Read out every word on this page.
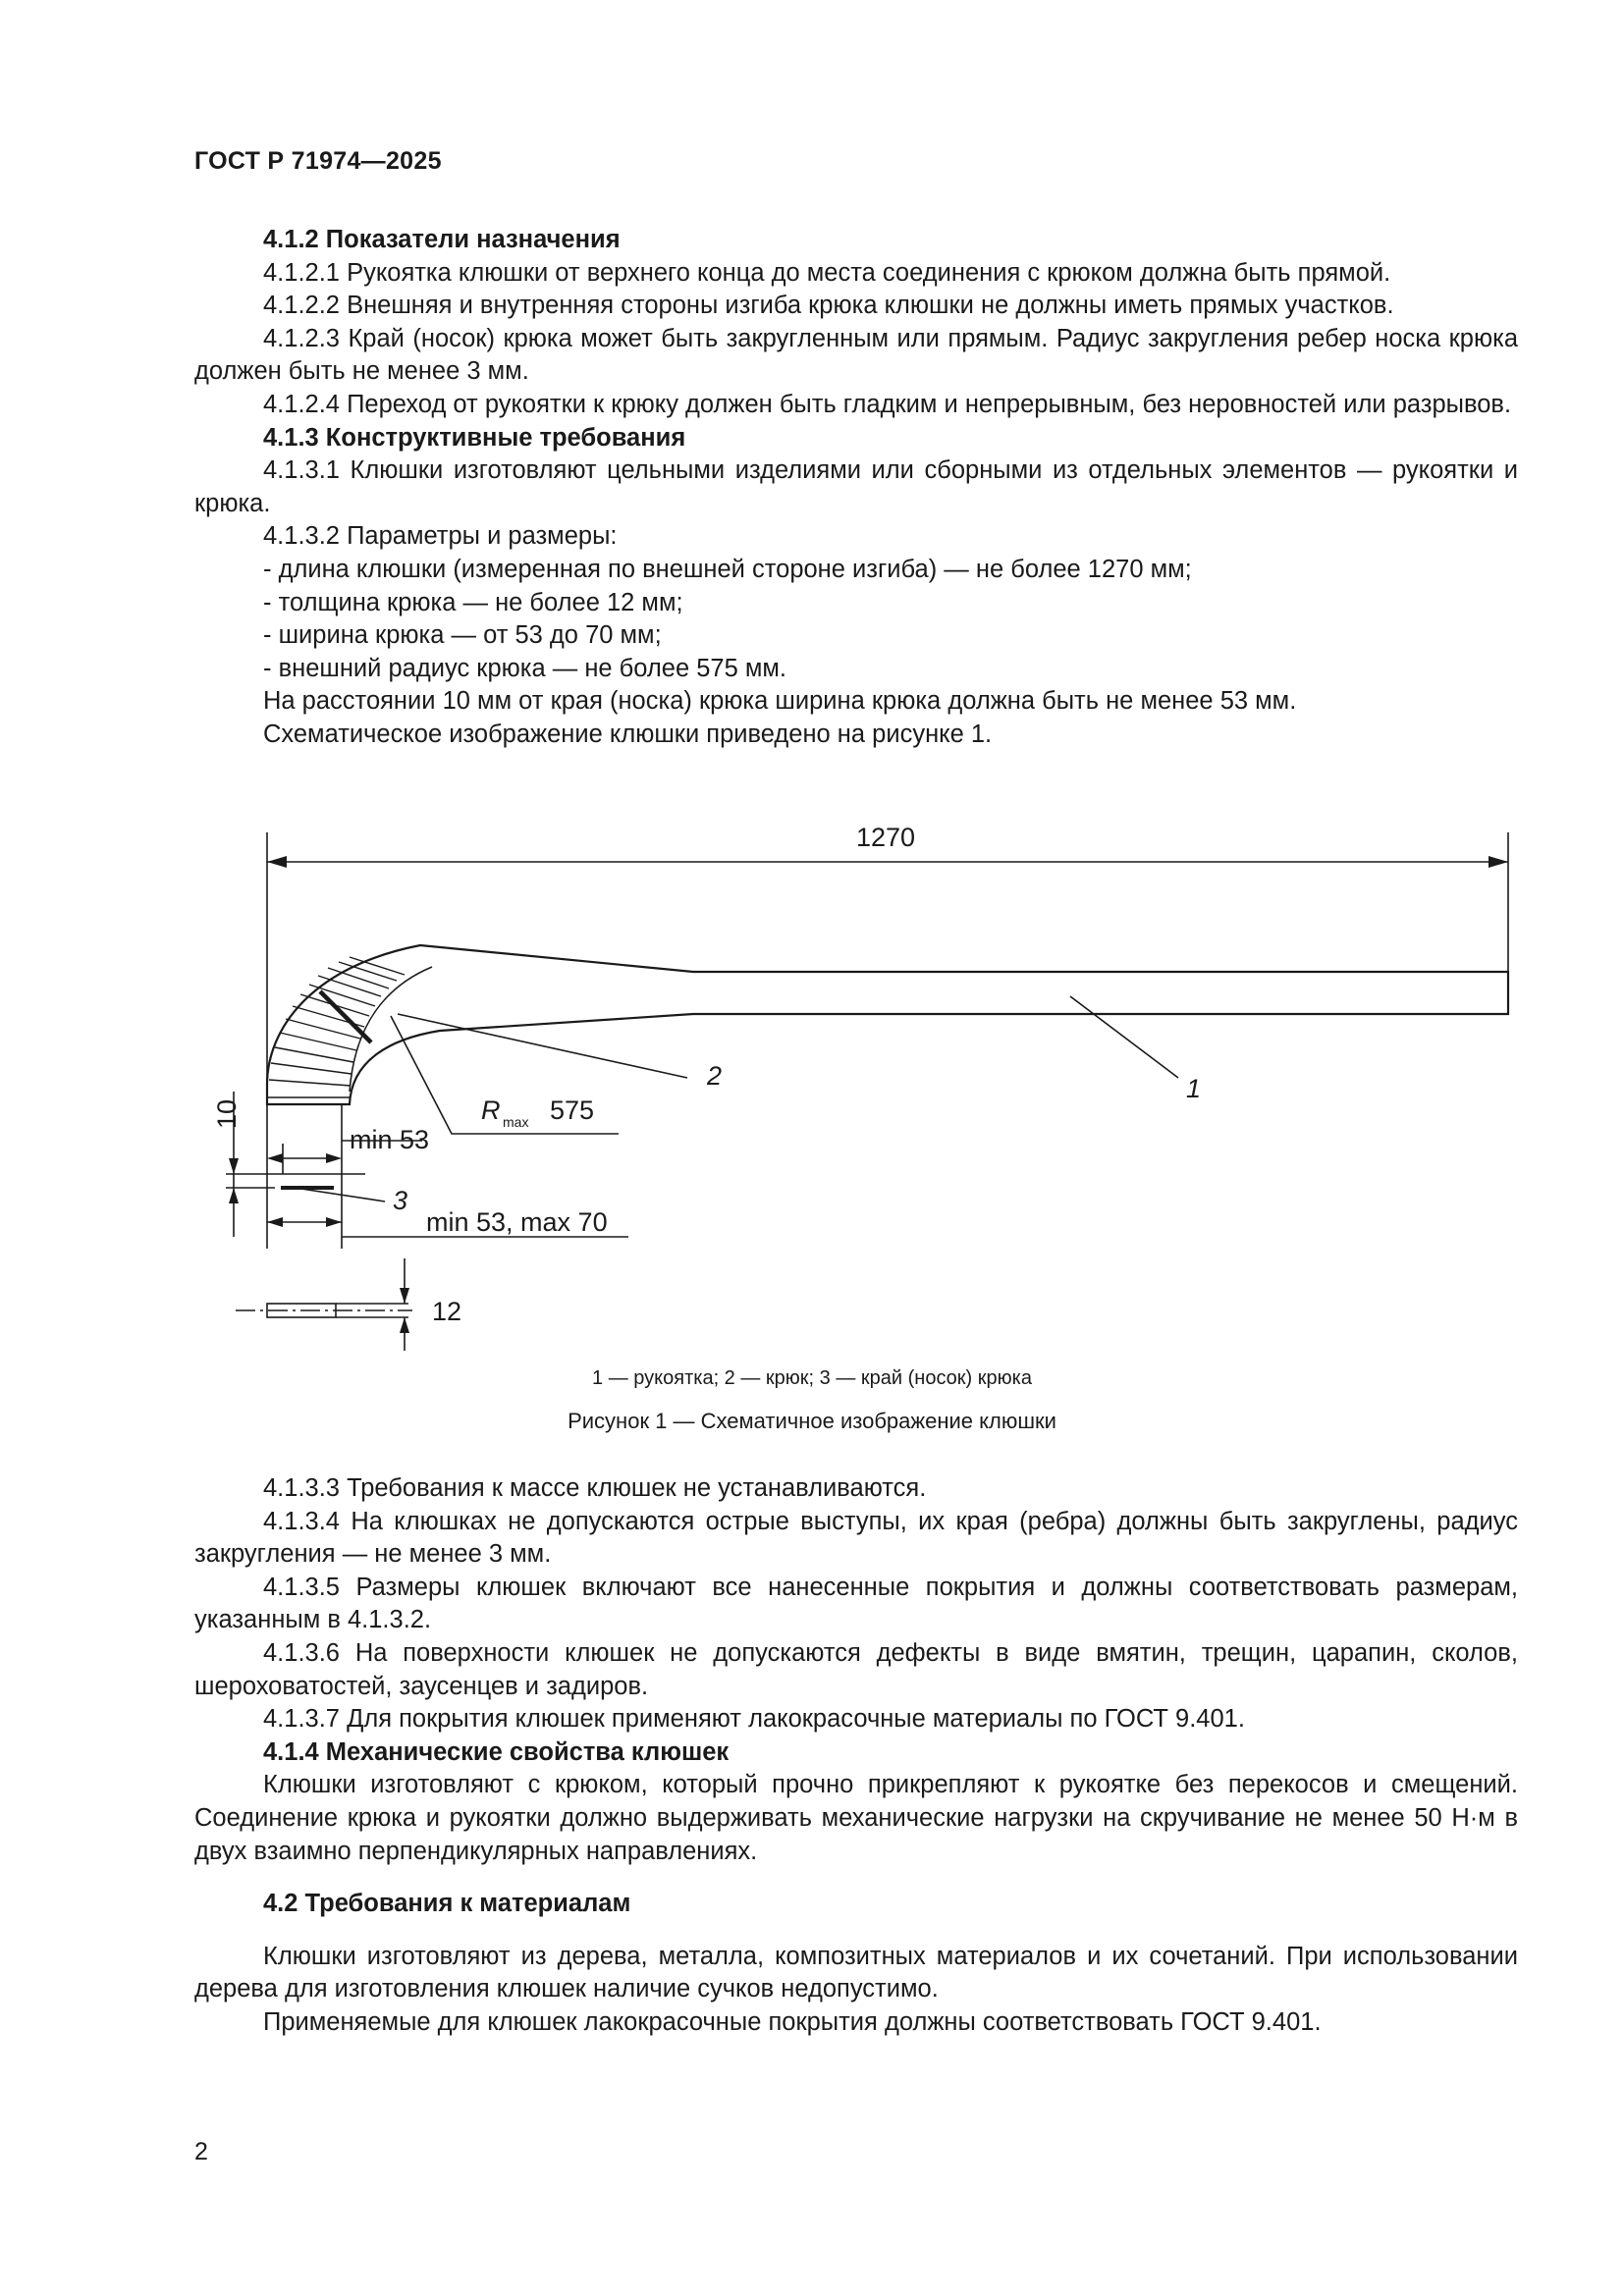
ГОСТ Р 71974—2025

4.1.2 Показатели назначения

4.1.2.1 Рукоятка клюшки от верхнего конца до места соединения с крюком должна быть прямой.

4.1.2.2 Внешняя и внутренняя стороны изгиба крюка клюшки не должны иметь прямых участков.

4.1.2.3 Край (носок) крюка может быть закругленным или прямым. Радиус закругления ребер носка крюка должен быть не менее 3 мм.

4.1.2.4 Переход от рукоятки к крюку должен быть гладким и непрерывным, без неровностей или разрывов.

4.1.3 Конструктивные требования

4.1.3.1 Клюшки изготовляют цельными изделиями или сборными из отдельных элементов — рукоятки и крюка.

4.1.3.2 Параметры и размеры:

- длина клюшки (измеренная по внешней стороне изгиба) — не более 1270 мм;

- толщина крюка — не более 12 мм;

- ширина крюка — от 53 до 70 мм;

- внешний радиус крюка — не более 575 мм.

На расстоянии 10 мм от края (носка) крюка ширина крюка должна быть не менее 53 мм.

Схематическое изображение клюшки приведено на рисунке 1.

1270
1
2
R max 575
10
min 53
3
min 53, max 70
12
1 — рукоятка; 2 — крюк; 3 — край (носок) крюка
Рисунок 1 — Схематичное изображение клюшки

4.1.3.3 Требования к массе клюшек не устанавливаются.

4.1.3.4 На клюшках не допускаются острые выступы, их края (ребра) должны быть закруглены, радиус закругления — не менее 3 мм.

4.1.3.5 Размеры клюшек включают все нанесенные покрытия и должны соответствовать размерам, указанным в 4.1.3.2.

4.1.3.6 На поверхности клюшек не допускаются дефекты в виде вмятин, трещин, царапин, сколов, шероховатостей, заусенцев и задиров.

4.1.3.7 Для покрытия клюшек применяют лакокрасочные материалы по ГОСТ 9.401.

4.1.4 Механические свойства клюшек

Клюшки изготовляют с крюком, который прочно прикрепляют к рукоятке без перекосов и смещений. Соединение крюка и рукоятки должно выдерживать механические нагрузки на скручивание не менее 50 Н·м в двух взаимно перпендикулярных направлениях.

4.2 Требования к материалам

Клюшки изготовляют из дерева, металла, композитных материалов и их сочетаний. При использовании дерева для изготовления клюшек наличие сучков недопустимо.

Применяемые для клюшек лакокрасочные покрытия должны соответствовать ГОСТ 9.401.

2
